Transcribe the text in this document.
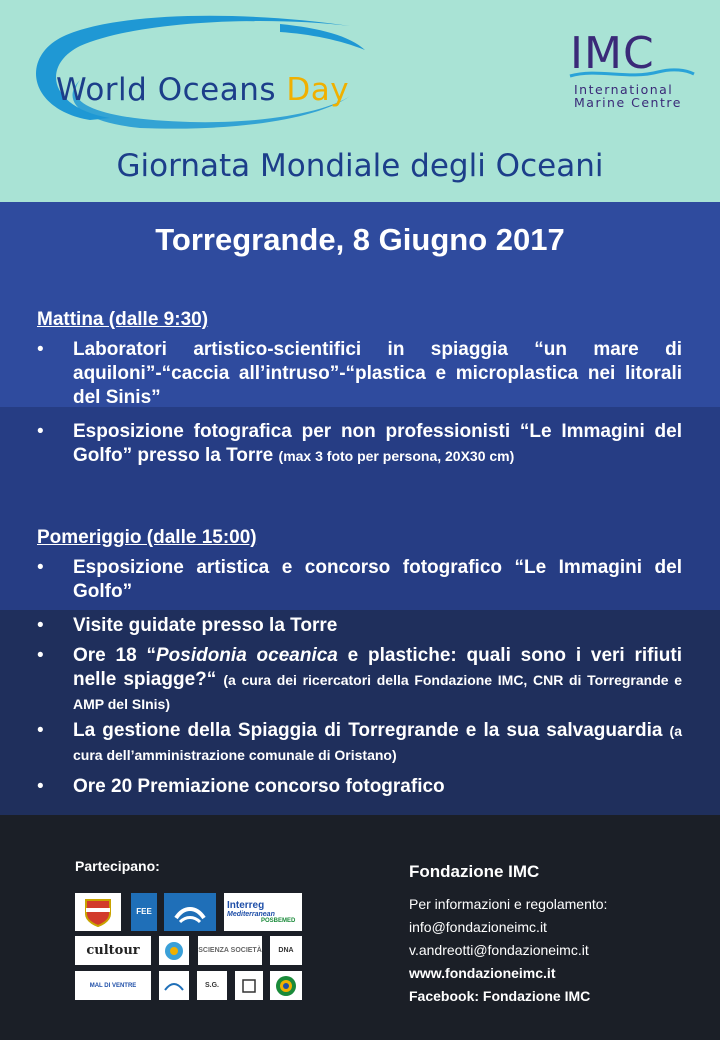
World Oceans Day
IMC
International
Marine Centre
Giornata Mondiale degli Oceani
Torregrande, 8 Giugno 2017
Mattina (dalle 9:30)
• Laboratori artistico-scientifici in spiaggia “un mare di aquiloni”-“caccia all’intruso”-“plastica e microplastica nei litorali del Sinis”
• Esposizione fotografica per non professionisti “Le Immagini del Golfo” presso la Torre (max 3 foto per persona, 20X30 cm)
Pomeriggio (dalle 15:00)
• Esposizione artistica e concorso fotografico “Le Immagini del Golfo”
• Visite guidate presso la Torre
• Ore 18 “Posidonia oceanica e plastiche: quali sono i veri rifiuti nelle spiagge?“ (a cura dei ricercatori della Fondazione IMC, CNR di Torregrande e AMP del SInis)
• La gestione della Spiaggia di Torregrande e la sua salvaguardia (a cura dell’amministrazione comunale di Oristano)
• Ore 20 Premiazione concorso fotografico
Partecipano:
FEE
Interreg
Mediterranean
POSBEMED
cultour	SCIENZA SOCIETÀ	DNA
MAL DI VENTRE	S.G.
Fondazione IMC
Per informazioni e regolamento:
info@fondazioneimc.it
v.andreotti@fondazioneimc.it
www.fondazioneimc.it
Facebook: Fondazione IMC
